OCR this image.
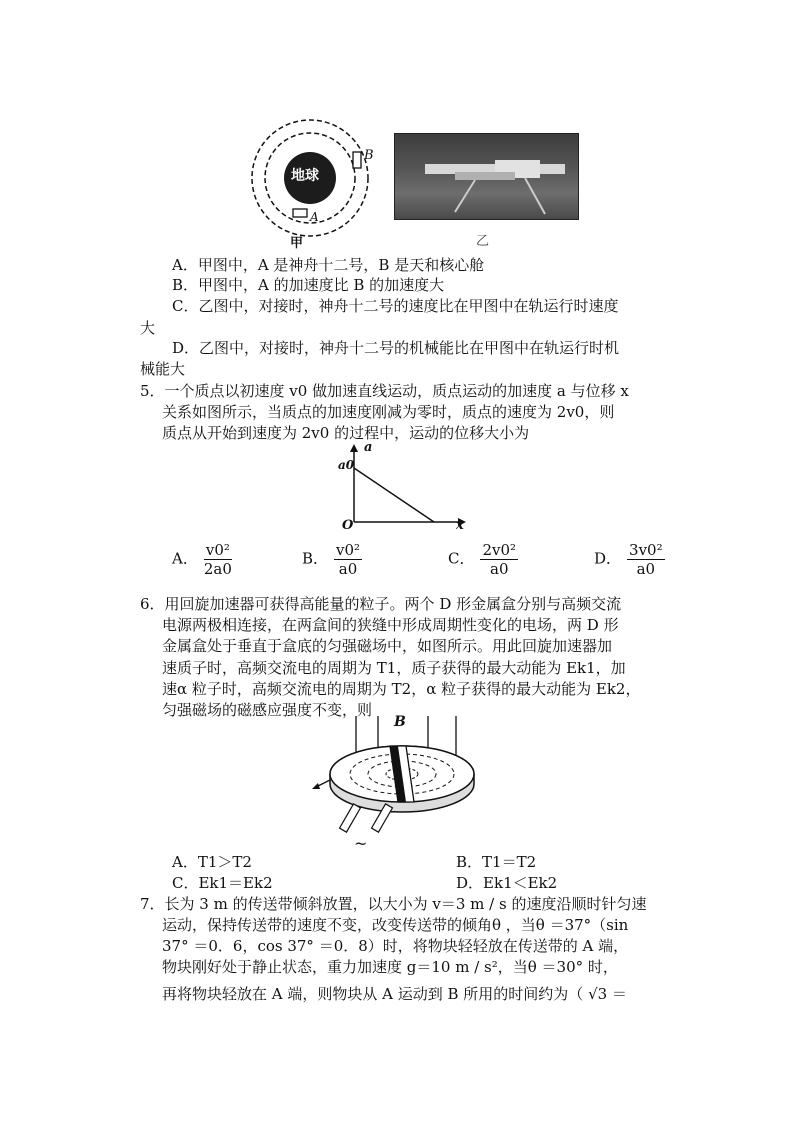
地球
B
A
甲	乙
A．甲图中，A 是神舟十二号，B 是天和核心舱
B．甲图中，A 的加速度比 B 的加速度大
C．乙图中，对接时，神舟十二号的速度比在甲图中在轨运行时速度
大
D．乙图中，对接时，神舟十二号的机械能比在甲图中在轨运行时机
械能大
5．一个质点以初速度 v0 做加速直线运动，质点运动的加速度 a 与位移 x
关系如图所示，当质点的加速度刚减为零时，质点的速度为 2v0，则
质点从开始到速度为 2v0 的过程中，运动的位移大小为
a
a0
O	x
A． $\frac{\text{v0²}}{2a0}$	B． $\frac{\text{v0²}}{a0}$	C． $\frac{\text{2v0²}}{a0}$	D． $\frac{\text{3v0²}}{a0}$
6．用回旋加速器可获得高能量的粒子。两个 D 形金属盒分别与高频交流
电源两极相连接，在两盒间的狭缝中形成周期性变化的电场，两 D 形
金属盒处于垂直于盒底的匀强磁场中，如图所示。用此回旋加速器加
速质子时，高频交流电的周期为 T1，质子获得的最大动能为 Ek1，加
速α 粒子时，高频交流电的周期为 T2，α 粒子获得的最大动能为 Ek2，
匀强磁场的磁感应强度不变，则
B
~
A．T1＞T2	B．T1＝T2
C．Ek1＝Ek2	D．Ek1＜Ek2
7．长为 3 m 的传送带倾斜放置，以大小为 v＝3 m / s 的速度沿顺时针匀速
运动，保持传送带的速度不变，改变传送带的倾角θ ，当θ ＝37°（sin
37° ＝0．6，cos 37° ＝0．8）时，将物块轻轻放在传送带的 A 端，
物块刚好处于静止状态，重力加速度 g＝10 m / s²，当θ ＝30° 时，
再将物块轻放在 A 端，则物块从 A 运动到 B 所用的时间约为（ √3 ＝
